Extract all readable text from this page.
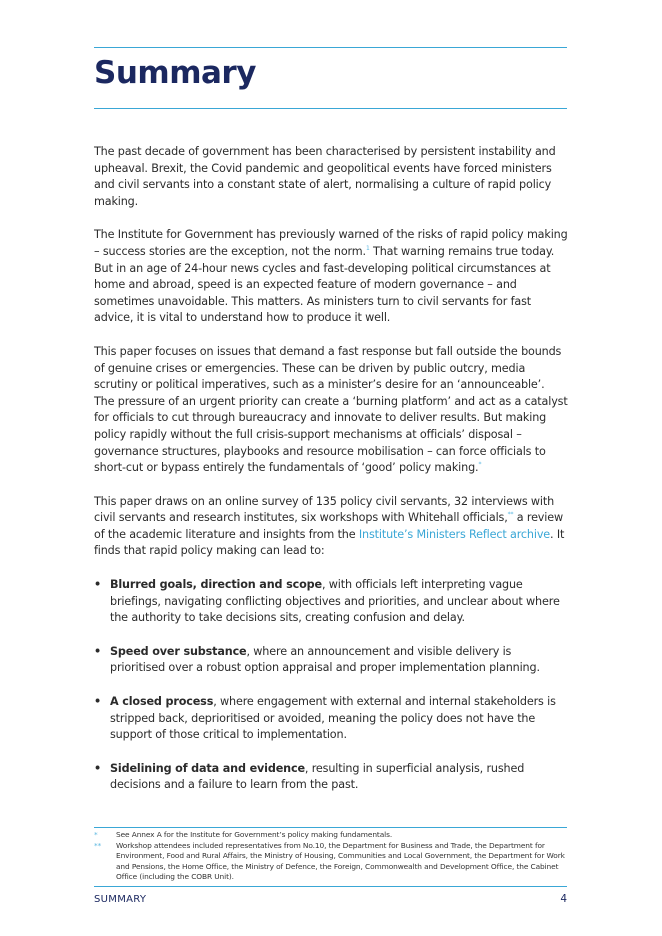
Summary

The past decade of government has been characterised by persistent instability and upheaval. Brexit, the Covid pandemic and geopolitical events have forced ministers and civil servants into a constant state of alert, normalising a culture of rapid policy making.

The Institute for Government has previously warned of the risks of rapid policy making – success stories are the exception, not the norm.$^1$ That warning remains true today. But in an age of 24-hour news cycles and fast-developing political circumstances at home and abroad, speed is an expected feature of modern governance – and sometimes unavoidable. This matters. As ministers turn to civil servants for fast advice, it is vital to understand how to produce it well.

This paper focuses on issues that demand a fast response but fall outside the bounds of genuine crises or emergencies. These can be driven by public outcry, media scrutiny or political imperatives, such as a minister’s desire for an ‘announceable’. The pressure of an urgent priority can create a ‘burning platform’ and act as a catalyst for officials to cut through bureaucracy and innovate to deliver results. But making policy rapidly without the full crisis-support mechanisms at officials’ disposal – governance structures, playbooks and resource mobilisation – can force officials to short-cut or bypass entirely the fundamentals of ‘good’ policy making.*

This paper draws on an online survey of 135 policy civil servants, 32 interviews with civil servants and research institutes, six workshops with Whitehall officials,** a review of the academic literature and insights from the Institute’s Ministers Reflect archive. It finds that rapid policy making can lead to:

• Blurred goals, direction and scope, with officials left interpreting vague briefings, navigating conflicting objectives and priorities, and unclear about where the authority to take decisions sits, creating confusion and delay.
• Speed over substance, where an announcement and visible delivery is prioritised over a robust option appraisal and proper implementation planning.
• A closed process, where engagement with external and internal stakeholders is stripped back, deprioritised or avoided, meaning the policy does not have the support of those critical to implementation.
• Sidelining of data and evidence, resulting in superficial analysis, rushed decisions and a failure to learn from the past.
* See Annex A for the Institute for Government’s policy making fundamentals.
** Workshop attendees included representatives from No.10, the Department for Business and Trade, the Department for Environment, Food and Rural Affairs, the Ministry of Housing, Communities and Local Government, the Department for Work and Pensions, the Home Office, the Ministry of Defence, the Foreign, Commonwealth and Development Office, the Cabinet Office (including the COBR Unit).
SUMMARY	4
